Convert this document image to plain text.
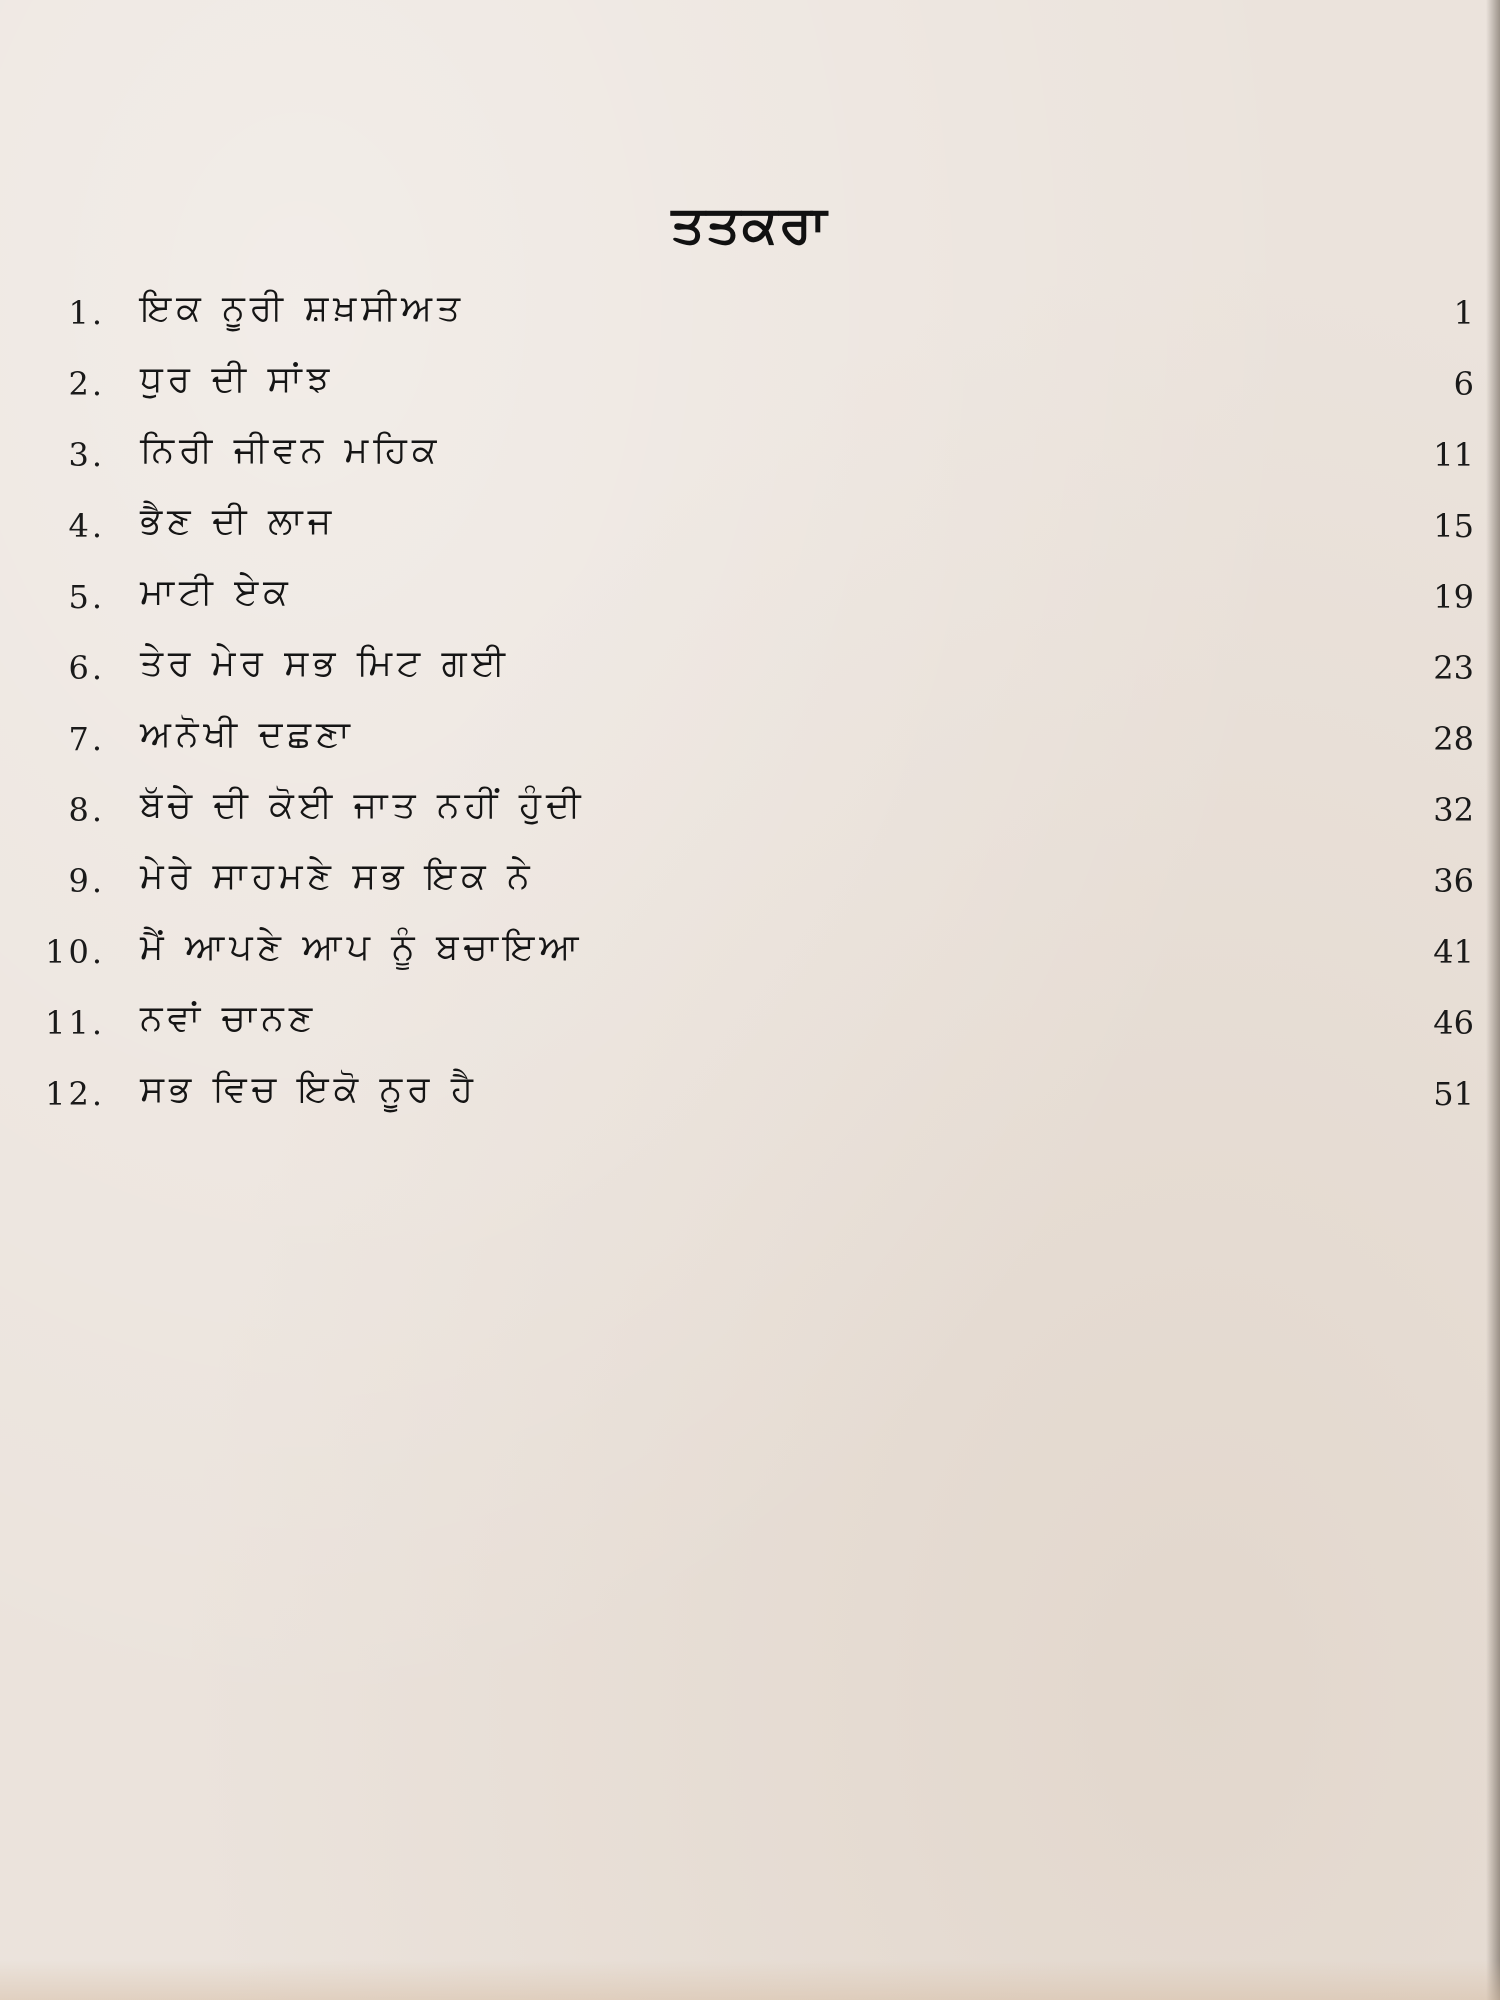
ਤਤਕਰਾ
1. ਇਕ ਨੂਰੀ ਸ਼ਖ਼ਸੀਅਤ	1
2. ਧੁਰ ਦੀ ਸਾਂਝ	6
3. ਨਿਰੀ ਜੀਵਨ ਮਹਿਕ	11
4. ਭੈਣ ਦੀ ਲਾਜ	15
5. ਮਾਟੀ ਏਕ	19
6. ਤੇਰ ਮੇਰ ਸਭ ਮਿਟ ਗਈ	23
7. ਅਨੋਖੀ ਦਛਣਾ	28
8. ਬੱਚੇ ਦੀ ਕੋਈ ਜਾਤ ਨਹੀਂ ਹੁੰਦੀ	32
9. ਮੇਰੇ ਸਾਹਮਣੇ ਸਭ ਇਕ ਨੇ	36
10. ਮੈਂ ਆਪਣੇ ਆਪ ਨੂੰ ਬਚਾਇਆ	41
11. ਨਵਾਂ ਚਾਨਣ	46
12. ਸਭ ਵਿਚ ਇਕੋ ਨੂਰ ਹੈ	51
